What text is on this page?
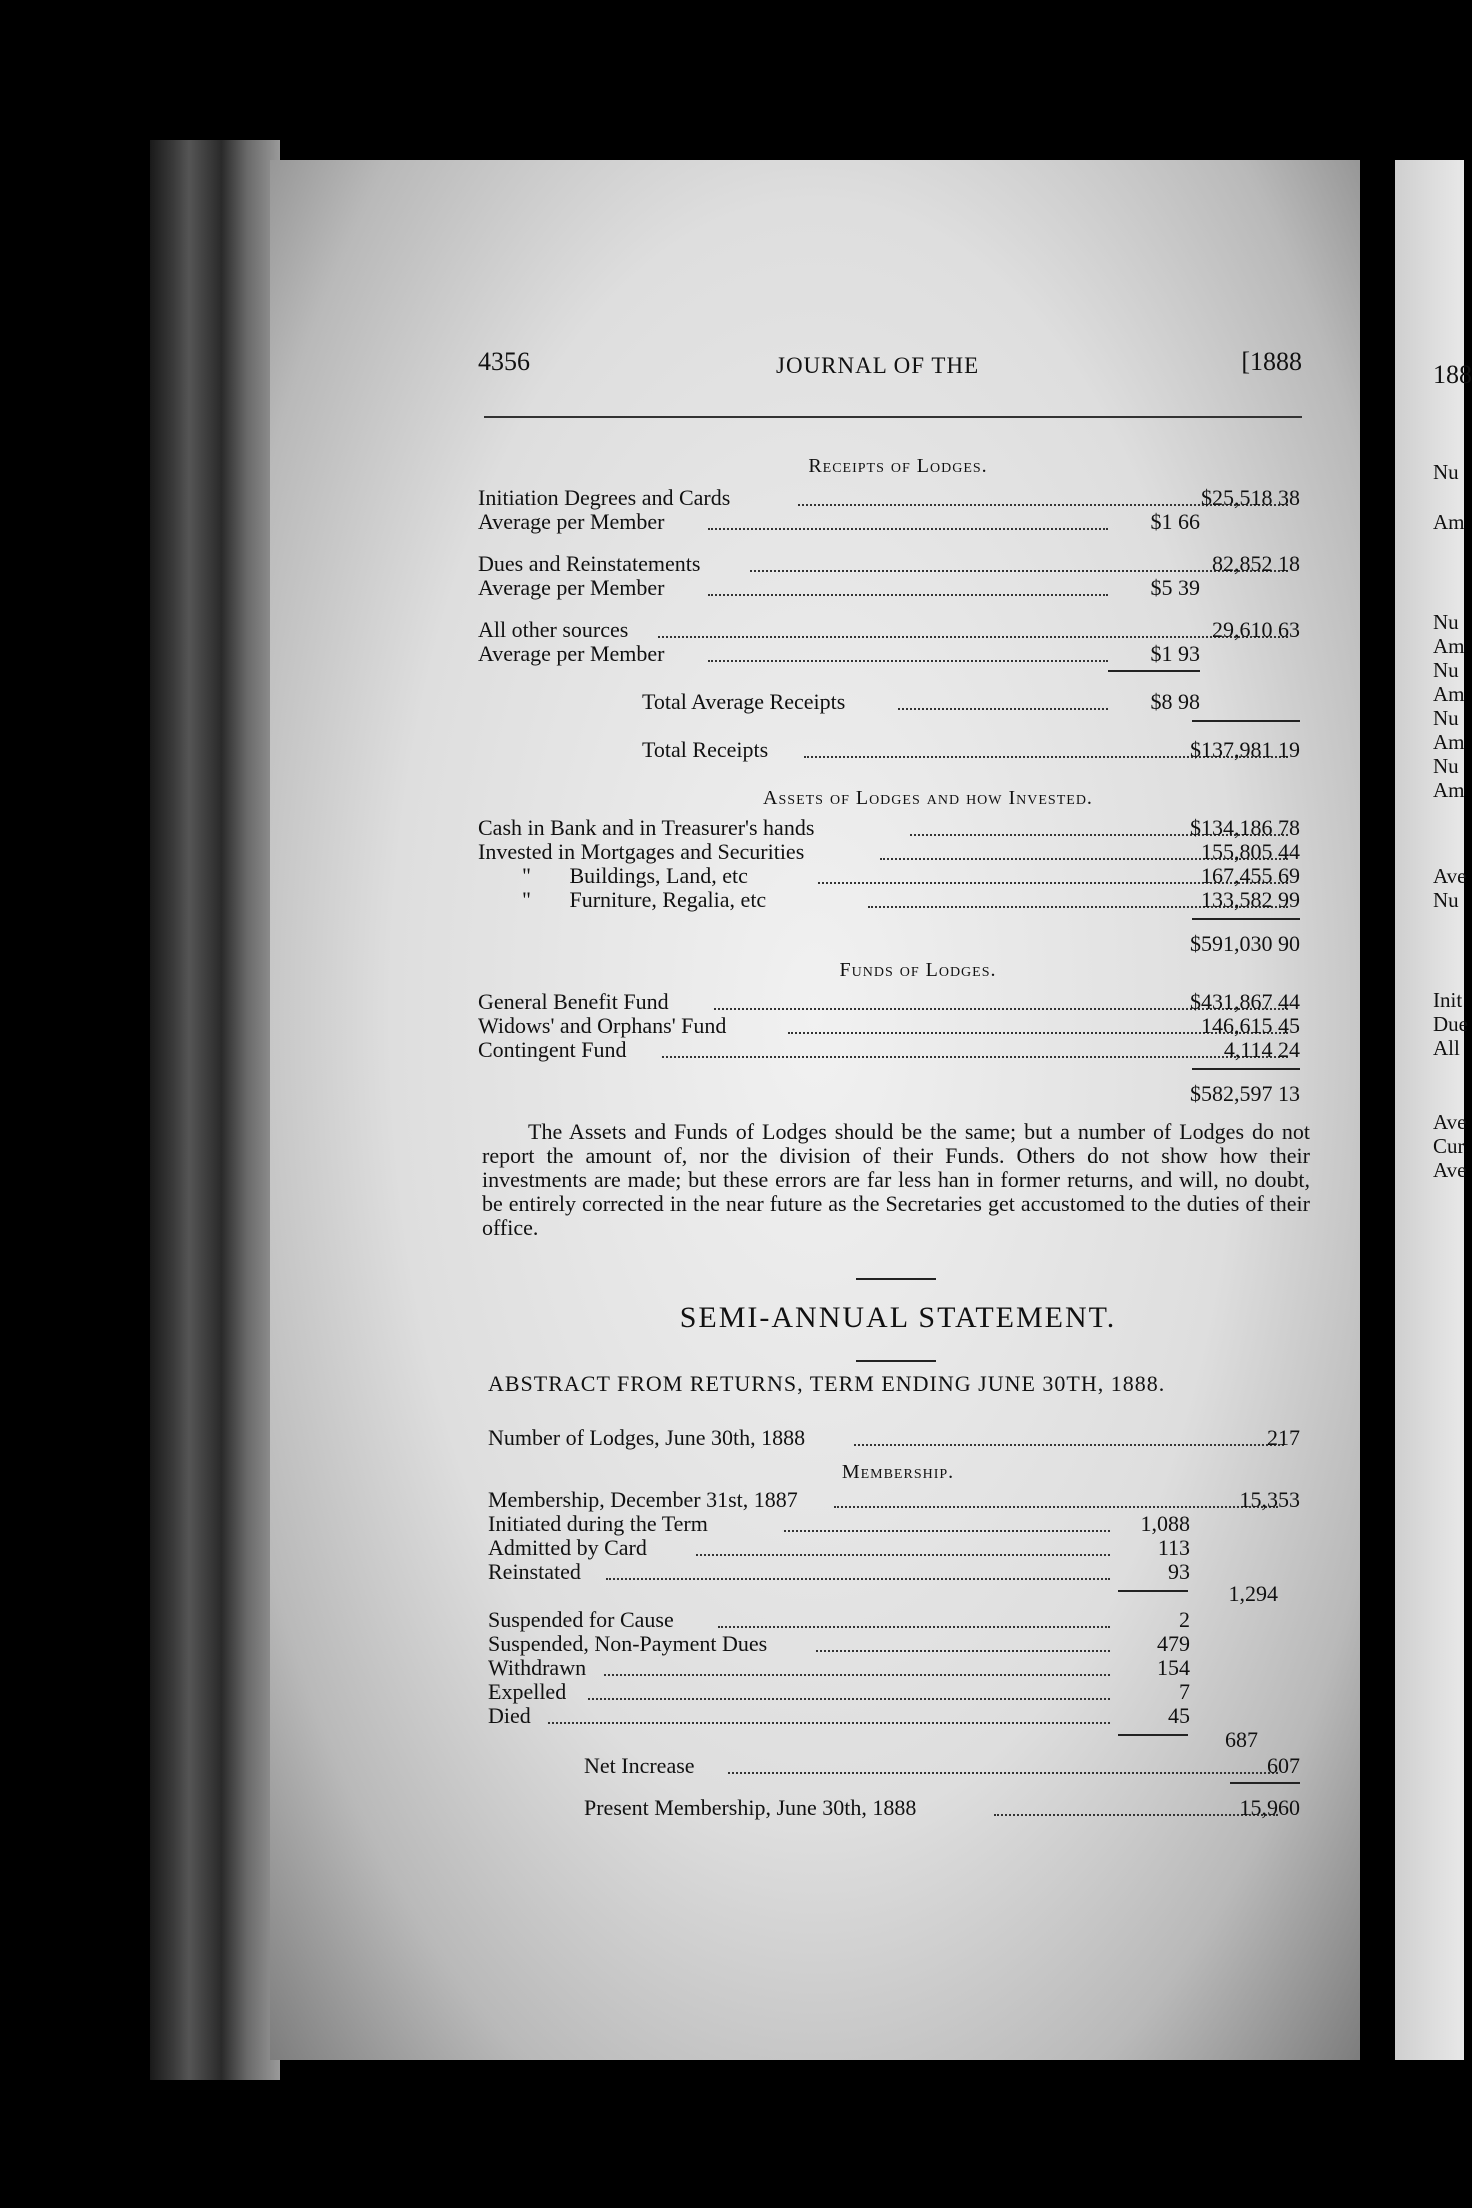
188
Nu
Am
Nu
Am
Nu
Am
Nu
Am
Nu
Am
Ave
Nu
Init
Due
All
Ave
Cur
Ave
4356	JOURNAL OF THE	[1888
Receipts of Lodges.
Initiation Degrees and Cards	$25,518 38
Average per Member	$1 66
Dues and Reinstatements	82,852 18
Average per Member	$5 39
All other sources	29,610 63
Average per Member	$1 93
Total Average Receipts	$8 98
Total Receipts	$137,981 19
Assets of Lodges and how Invested.
Cash in Bank and in Treasurer's hands	$134,186 78
Invested in Mortgages and Securities	155,805 44
"       Buildings, Land, etc	167,455 69
"       Furniture, Regalia, etc	133,582 99
$591,030 90
Funds of Lodges.
General Benefit Fund	$431,867 44
Widows' and Orphans' Fund	146,615 45
Contingent Fund	4,114 24
$582,597 13
The Assets and Funds of Lodges should be the same; but a number of Lodges do not report the amount of, nor the division of their Funds. Others do not show how their investments are made; but these errors are far less han in former returns, and will, no doubt, be entirely corrected in the near future as the Secretaries get accustomed to the duties of their office.
SEMI-ANNUAL STATEMENT.
ABSTRACT FROM RETURNS, TERM ENDING JUNE 30TH, 1888.
Number of Lodges, June 30th, 1888	217
Membership.
Membership, December 31st, 1887	15,353
Initiated during the Term	1,088
Admitted by Card	113
Reinstated	93
1,294
Suspended for Cause	2
Suspended, Non-Payment Dues	479
Withdrawn	154
Expelled	7
Died	45
687
Net Increase	607
Present Membership, June 30th, 1888	15,960
